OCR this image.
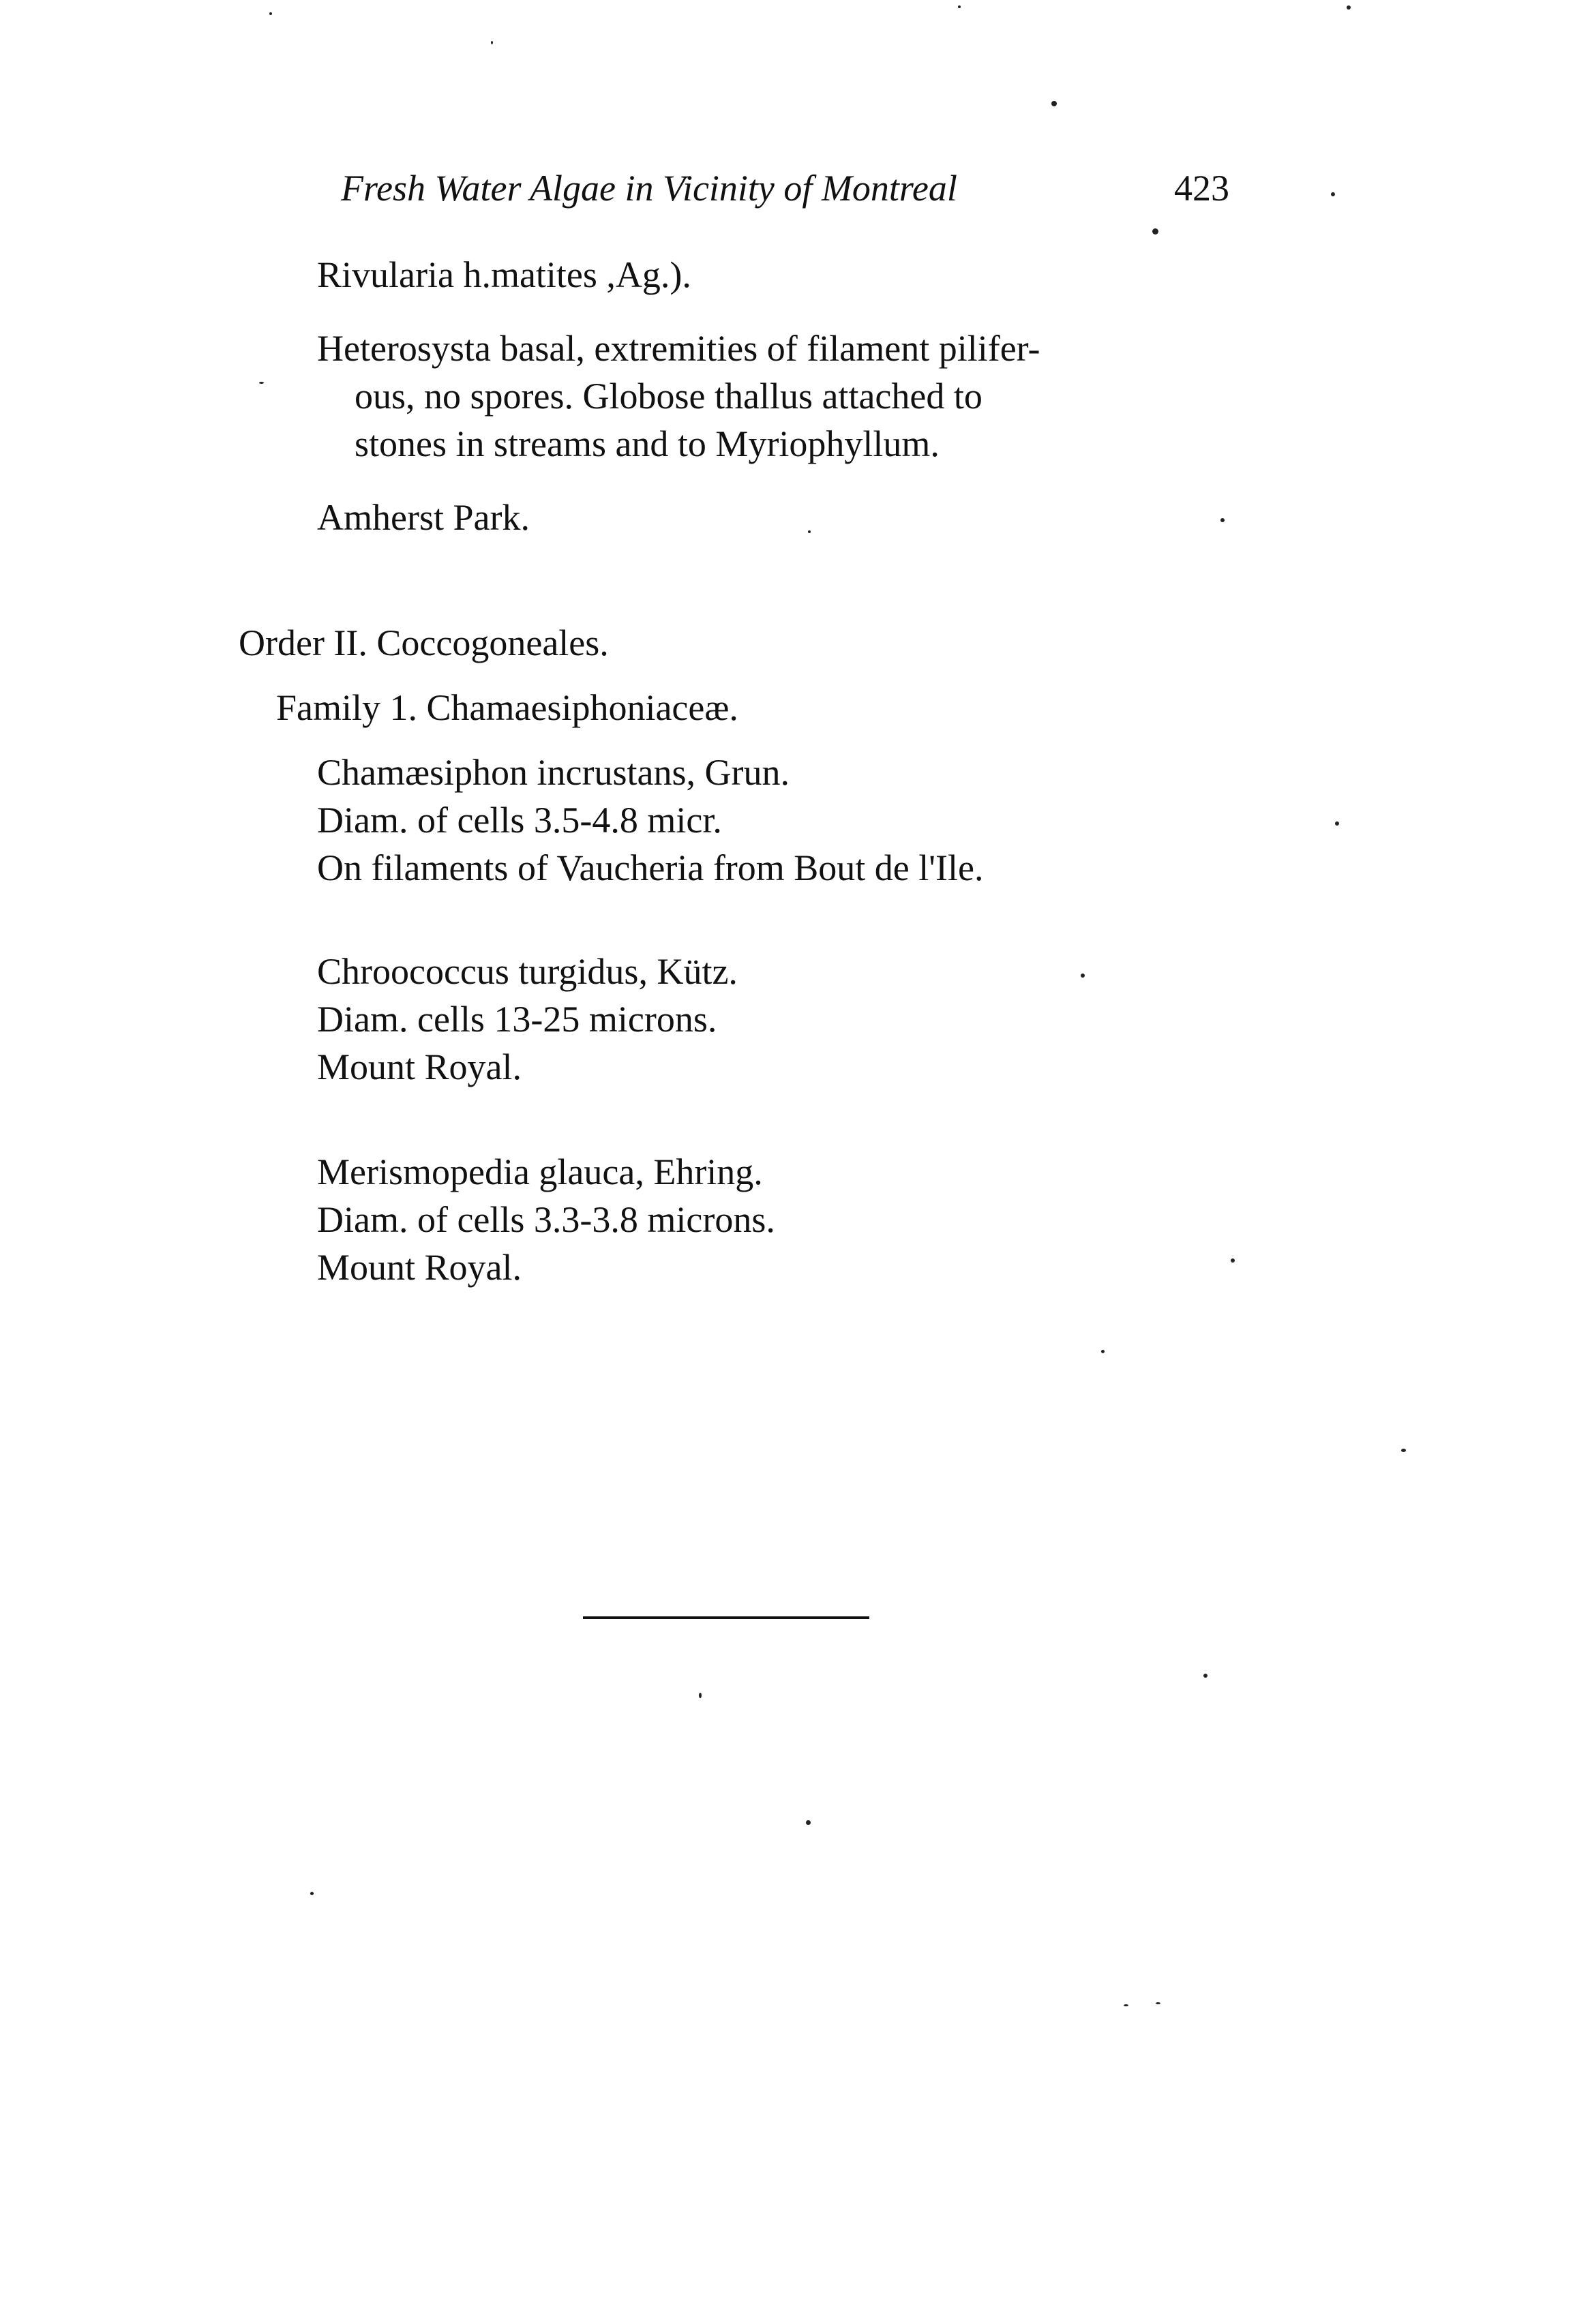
Fresh Water Algae in Vicinity of Montreal	423
Rivularia h.matites ,Ag.).
Heterosysta basal, extremities of filament pilifer-
ous, no spores. Globose thallus attached to
stones in streams and to Myriophyllum.
Amherst Park.
Order II. Coccogoneales.
Family 1. Chamaesiphoniaceæ.
Chamæsiphon incrustans, Grun.
Diam. of cells 3.5-4.8 micr.
On filaments of Vaucheria from Bout de l'Ile.
Chroococcus turgidus, Kütz.
Diam. cells 13-25 microns.
Mount Royal.
Merismopedia glauca, Ehring.
Diam. of cells 3.3-3.8 microns.
Mount Royal.
